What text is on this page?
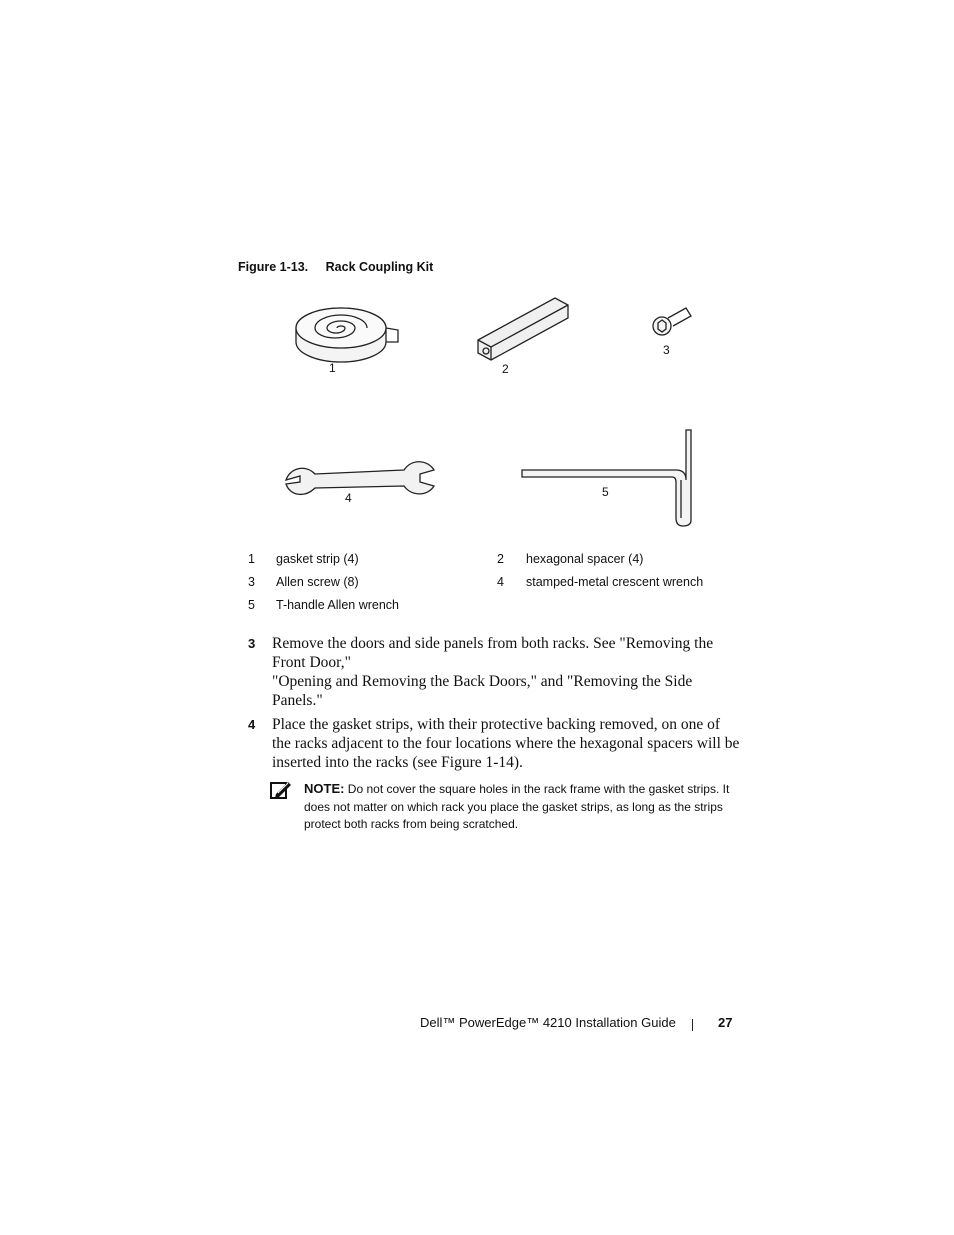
Figure 1-13. Rack Coupling Kit
1	2
3
4	5
1 gasket strip (4)	2 hexagonal spacer (4)
3 Allen screw (8)	4 stamped-metal crescent wrench
5 T-handle Allen wrench
3 Remove the doors and side panels from both racks. See "Removing the Front Door,"
"Opening and Removing the Back Doors," and "Removing the Side Panels."
4 Place the gasket strips, with their protective backing removed, on one of the racks adjacent to the four locations where the hexagonal spacers will be inserted into the racks (see Figure 1-14).
NOTE: Do not cover the square holes in the rack frame with the gasket strips. It does not matter on which rack you place the gasket strips, as long as the strips protect both racks from being scratched.
Dell™ PowerEdge™ 4210 Installation Guide	27
